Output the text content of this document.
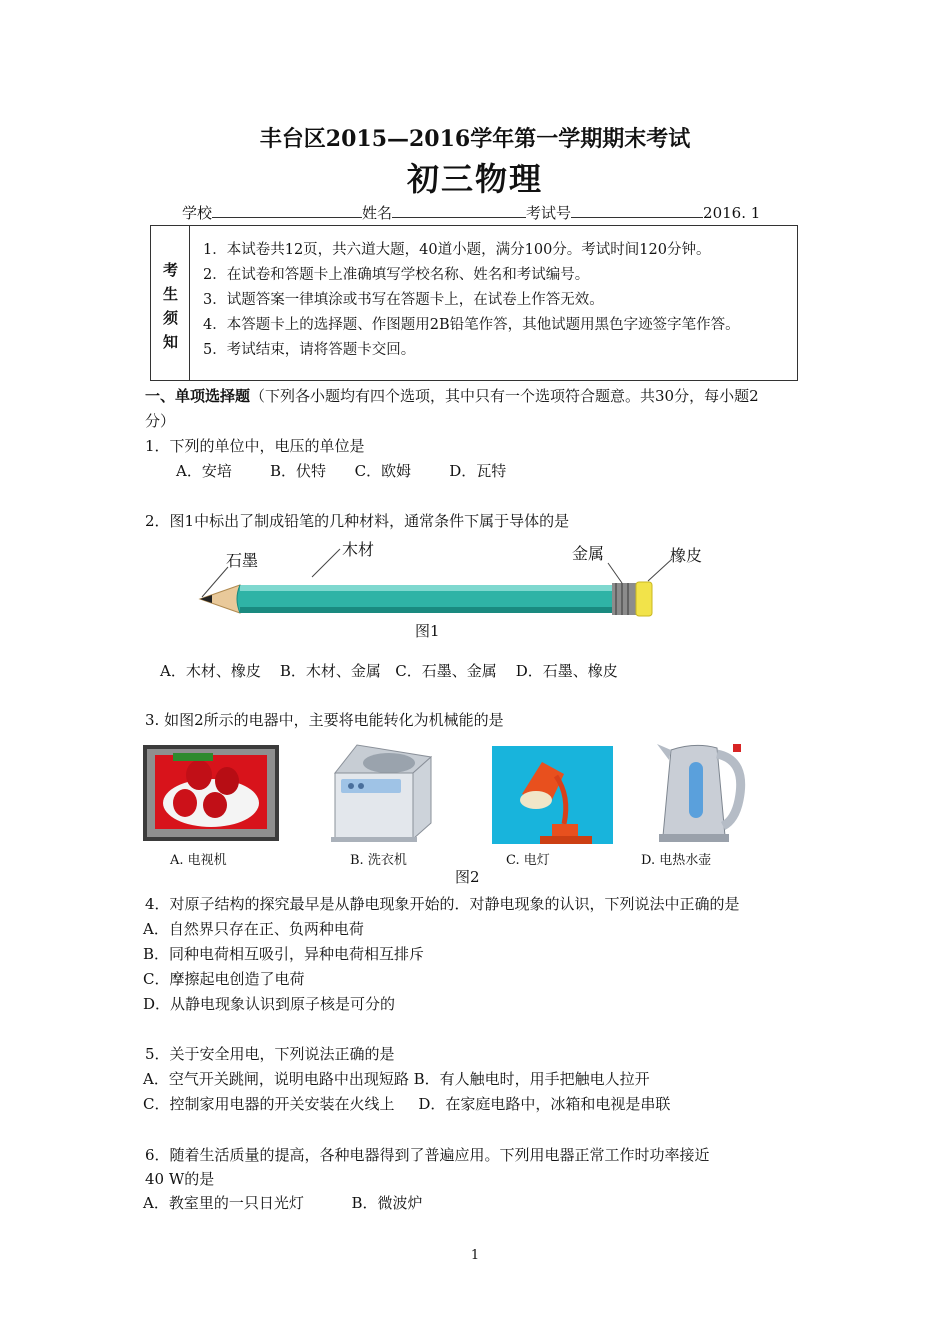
丰台区2015—2016学年第一学期期末考试
初三物理
学校	姓名	考试号	2016. 1
考
生
须
知
1．本试卷共12页，共六道大题，40道小题，满分100分。考试时间120分钟。
2．在试卷和答题卡上准确填写学校名称、姓名和考试编号。
3．试题答案一律填涂或书写在答题卡上，在试卷上作答无效。
4．本答题卡上的选择题、作图题用2B铅笔作答，其他试题用黑色字迹签字笔作答。
5．考试结束，请将答题卡交回。
一、单项选择题（下列各小题均有四个选项，其中只有一个选项符合题意。共30分，每小题2
分）
1．下列的单位中，电压的单位是
A．安培        B．伏特      C．欧姆        D．瓦特
2．图1中标出了制成铅笔的几种材料，通常条件下属于导体的是
石墨
木材	金属	橡皮
图1
A．木材、橡皮    B．木材、金属   C．石墨、金属    D．石墨、橡皮
3. 如图2所示的电器中，主要将电能转化为机械能的是
A. 电视机	B. 洗衣机	C. 电灯	D. 电热水壶
图2
4．对原子结构的探究最早是从静电现象开始的．对静电现象的认识，下列说法中正确的是
A．自然界只存在正、负两种电荷
B．同种电荷相互吸引，异种电荷相互排斥
C．摩擦起电创造了电荷
D．从静电现象认识到原子核是可分的
5．关于安全用电，下列说法正确的是
A．空气开关跳闸，说明电路中出现短路 B．有人触电时，用手把触电人拉开
C．控制家用电器的开关安装在火线上     D．在家庭电路中，冰箱和电视是串联
6．随着生活质量的提高，各种电器得到了普遍应用。下列用电器正常工作时功率接近
40 W的是
A．教室里的一只日光灯          B．微波炉
1
